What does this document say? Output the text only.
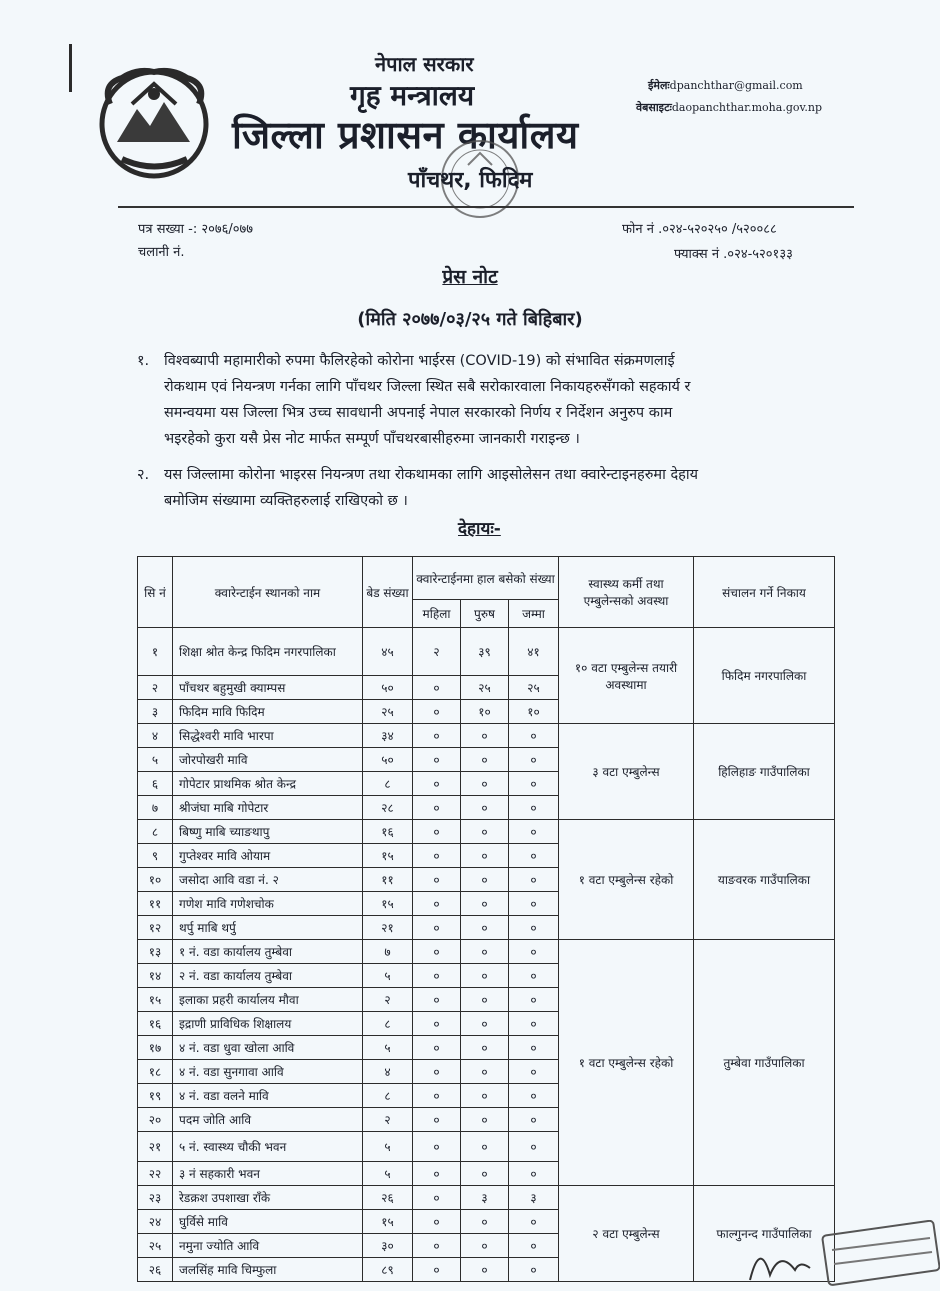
नेपाल सरकार
गृह मन्त्रालय
जिल्ला प्रशासन कार्यालय
पाँचथर, फिदिम
ईमेलःdpanchthar@gmail.com
वेबसाइटःdaopanchthar.moha.gov.np
पत्र सख्या -: २०७६/०७७
चलानी नं.
फोन नं .०२४-५२०२५० /५२००८८
फ्याक्स नं .०२४-५२०१३३
प्रेस नोट
(मिति २०७७/०३/२५ गते बिहिबार)
१. विश्वब्यापी महामारीको रुपमा फैलिरहेको कोरोना भाईरस (COVID-19) को संभावित संक्रमणलाई
रोकथाम एवं नियन्त्रण गर्नका लागि पाँचथर जिल्ला स्थित सबै सरोकारवाला निकायहरुसँगको सहकार्य र
समन्वयमा यस जिल्ला भित्र उच्च सावधानी अपनाई नेपाल सरकारको निर्णय र निर्देशन अनुरुप काम
भइरहेको कुरा यसै प्रेस नोट मार्फत सम्पूर्ण पाँचथरबासीहरुमा जानकारी गराइन्छ ।
२. यस जिल्लामा कोरोना भाइरस नियन्त्रण तथा रोकथामका लागि आइसोलेसन तथा क्वारेन्टाइनहरुमा देहाय
बमोजिम संख्यामा व्यक्तिहरुलाई राखिएको छ ।
देहायः-
सि नं	क्वारेन्टाईन स्थानको नाम	बेड संख्या	क्वारेन्टाईनमा हाल बसेको संख्या			स्वास्थ्य कर्मी तथा एम्बुलेन्सको अवस्था	संचालन गर्ने निकाय
			महिला	पुरुष	जम्मा		
१	शिक्षा श्रोत केन्द्र फिदिम नगरपालिका	४५	२	३९	४१	१० वटा एम्बुलेन्स तयारी अवस्थामा	फिदिम नगरपालिका
२	पाँचथर बहुमुखी क्याम्पस	५०	०	२५	२५		
३	फिदिम मावि फिदिम	२५	०	१०	१०		
४	सिद्धेश्वरी मावि भारपा	३४	०	०	०	३ वटा एम्बुलेन्स	हिलिहाङ गाउँपालिका
५	जोरपोखरी मावि	५०	०	०	०		
६	गोपेटार प्राथमिक श्रोत केन्द्र	८	०	०	०		
७	श्रीजंघा माबि गोपेटार	२८	०	०	०		
८	बिष्णु माबि च्याङथापु	१६	०	०	०	१ वटा एम्बुलेन्स रहेको	याङवरक गाउँपालिका
९	गुप्तेश्वर मावि ओयाम	१५	०	०	०		
१०	जसोदा आवि वडा नं. २	११	०	०	०		
११	गणेश मावि गणेशचोक	१५	०	०	०		
१२	थर्पु माबि थर्पु	२१	०	०	०		
१३	१ नं. वडा कार्यालय तुम्बेवा	७	०	०	०	१ वटा एम्बुलेन्स रहेको	तुम्बेवा गाउँपालिका
१४	२ नं. वडा कार्यालय तुम्बेवा	५	०	०	०		
१५	इलाका प्रहरी कार्यालय मौवा	२	०	०	०		
१६	इद्राणी प्राविधिक शिक्षालय	८	०	०	०		
१७	४ नं. वडा धुवा खोला आवि	५	०	०	०		
१८	४ नं. वडा सुनगावा आवि	४	०	०	०		
१९	४ नं. वडा वलने मावि	८	०	०	०		
२०	पदम जोति आवि	२	०	०	०		
२१	५ नं. स्वास्थ्य चौकी भवन	५	०	०	०		
२२	३ नं सहकारी भवन	५	०	०	०		
२३	रेडक्रश उपशाखा राँके	२६	०	३	३	२ वटा एम्बुलेन्स	फाल्गुनन्द गाउँपालिका
२४	घुर्विसे मावि	१५	०	०	०		
२५	नमुना ज्योति आवि	३०	०	०	०		
२६	जलसिंह मावि चिम्फुला	८९	०	०	०		
